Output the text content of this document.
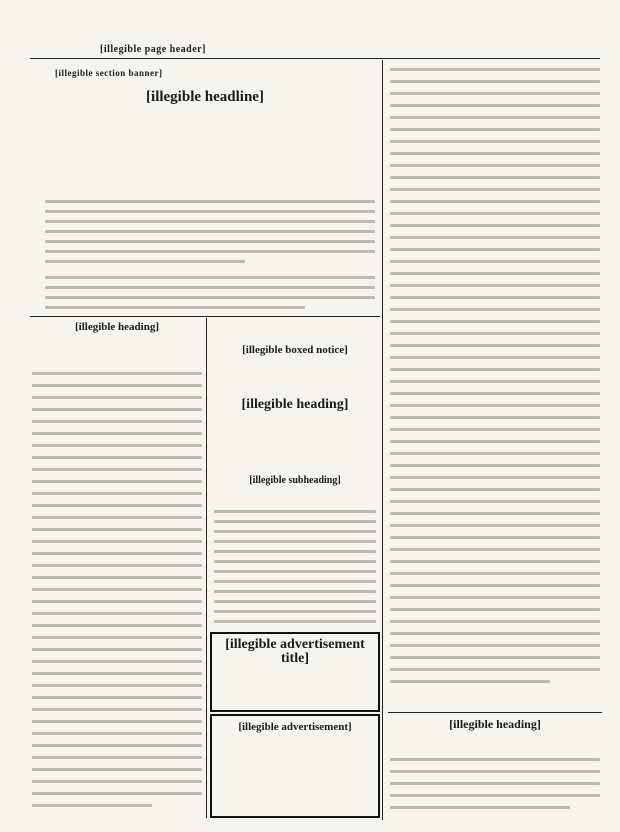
[illegible page header]
[illegible section banner]
[illegible headline]
[illegible heading]
[illegible boxed notice]
[illegible heading]
[illegible subheading]
[illegible advertisement title]
[illegible advertisement]	[illegible heading]
